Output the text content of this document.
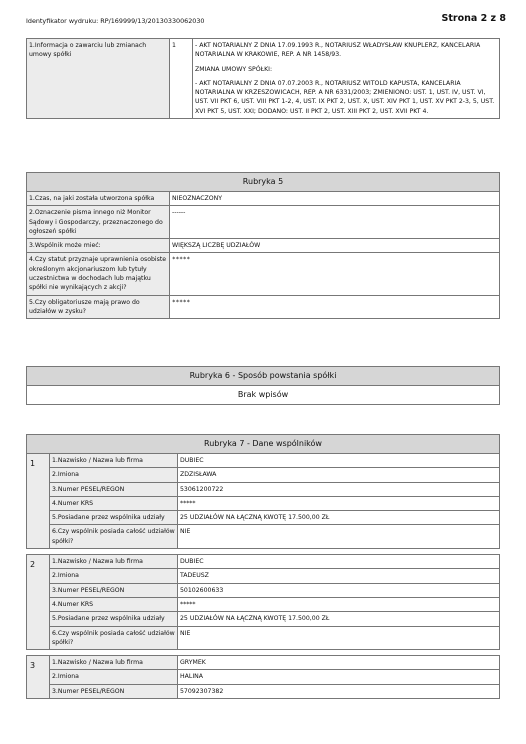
Identyfikator wydruku: RP/169999/13/20130330062030	Strona 2 z 8
1.Informacja o zawarciu lub zmianach umowy spółki	1	- AKT NOTARIALNY Z DNIA 17.09.1993 R., NOTARIUSZ WŁADYSŁAW KNUPLERZ, KANCELARIA NOTARIALNA W KRAKOWIE, REP. A NR 1458/93.

ZMIANA UMOWY SPÓŁKI:

- AKT NOTARIALNY Z DNIA 07.07.2003 R., NOTARIUSZ WITOLD KAPUSTA, KANCELARIA NOTARIALNA W KRZESZOWICACH, REP. A NR 6331/2003; ZMIENIONO: UST. 1, UST. IV, UST. VI, UST. VII PKT 6, UST. VIII PKT 1-2, 4, UST. IX PKT 2, UST. X, UST. XIV PKT 1, UST. XV PKT 2-3, 5, UST. XVI PKT 5, UST. XXI; DODANO: UST. II PKT 2, UST. XIII PKT 2, UST. XVII PKT 4.

Rubryka 5	
1.Czas, na jaki została utworzona spółka	NIEOZNACZONY
2.Oznaczenie pisma innego niż Monitor Sądowy i Gospodarczy, przeznaczonego do ogłoszeń spółki	------
3.Wspólnik może mieć:	WIĘKSZĄ LICZBĘ UDZIAŁÓW
4.Czy statut przyznaje uprawnienia osobiste określonym akcjonariuszom lub tytuły uczestnictwa w dochodach lub majątku spółki nie wynikających z akcji?	*****
5.Czy obligatoriusze mają prawo do udziałów w zysku?	*****
Rubryka 6 - Sposób powstania spółki
Brak wpisów
Rubryka 7 - Dane wspólników		
1	1.Nazwisko / Nazwa lub firma	DUBIEC
	2.Imiona	ZDZISŁAWA
	3.Numer PESEL/REGON	53061200722
	4.Numer KRS	*****
	5.Posiadane przez wspólnika udziały	25 UDZIAŁÓW NA ŁĄCZNĄ KWOTĘ 17.500,00 ZŁ
	6.Czy wspólnik posiada całość udziałów spółki?	NIE

2	1.Nazwisko / Nazwa lub firma	DUBIEC
	2.Imiona	TADEUSZ
	3.Numer PESEL/REGON	50102600633
	4.Numer KRS	*****
	5.Posiadane przez wspólnika udziały	25 UDZIAŁÓW NA ŁĄCZNĄ KWOTĘ 17.500,00 ZŁ
	6.Czy wspólnik posiada całość udziałów spółki?	NIE

3	1.Nazwisko / Nazwa lub firma	GRYMEK
	2.Imiona	HALINA
	3.Numer PESEL/REGON	57092307382
